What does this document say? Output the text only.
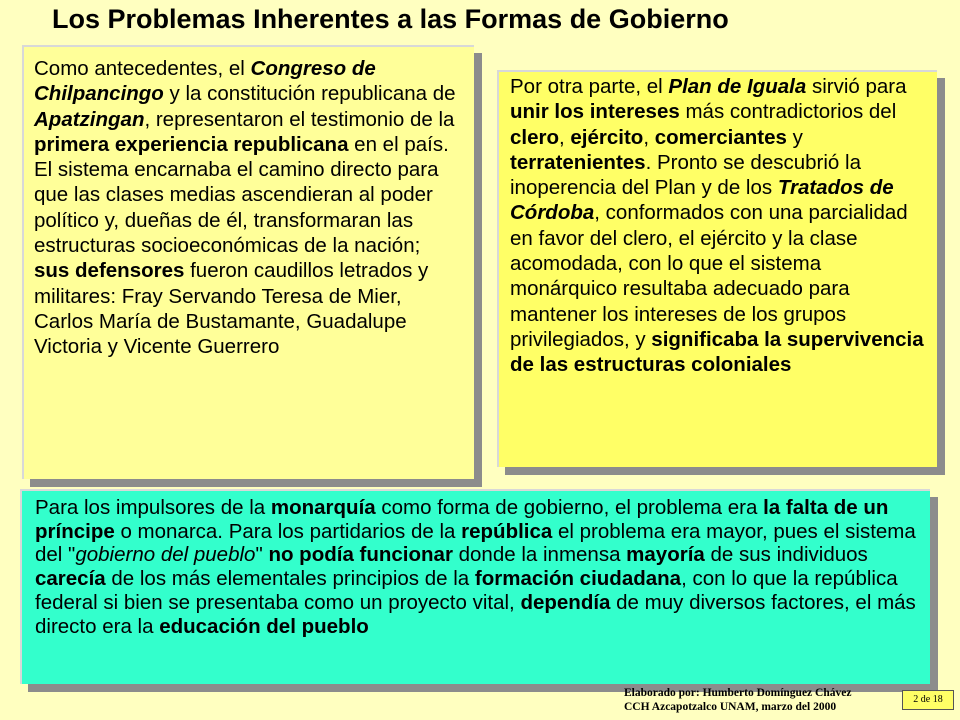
Los Problemas Inherentes a las Formas de Gobierno
Como antecedentes, el Congreso de Chilpancingo y la constitución republicana de Apatzingan, representaron el testimonio de la primera experiencia republicana en el país. El sistema encarnaba el camino directo para que las clases medias ascendieran al poder político y, dueñas de él, transformaran las estructuras socioeconómicas de la nación; sus defensores fueron caudillos letrados y militares: Fray Servando Teresa de Mier, Carlos María de Bustamante, Guadalupe Victoria y Vicente Guerrero
Por otra parte, el Plan de Iguala sirvió para unir los intereses más contradictorios del clero, ejército, comerciantes y terratenientes. Pronto se descubrió la inoperencia del Plan y de los Tratados de Córdoba, conformados con una parcialidad en favor del clero, el ejército y la clase acomodada, con lo que el sistema monárquico resultaba adecuado para mantener los intereses de los grupos privilegiados, y significaba la supervivencia de las estructuras coloniales
Para los impulsores de la monarquía como forma de gobierno, el problema era la falta de un príncipe o monarca. Para los partidarios de la república el problema era mayor, pues el sistema del "gobierno del pueblo" no podía funcionar donde la inmensa mayoría de sus individuos carecía de los más elementales principios de la formación ciudadana, con lo que la república federal si bien se presentaba como un proyecto vital, dependía de muy diversos factores, el más directo era la educación del pueblo
Elaborado por: Humberto Domínguez Chávez
CCH Azcapotzalco UNAM, marzo del 2000
2 de 18
